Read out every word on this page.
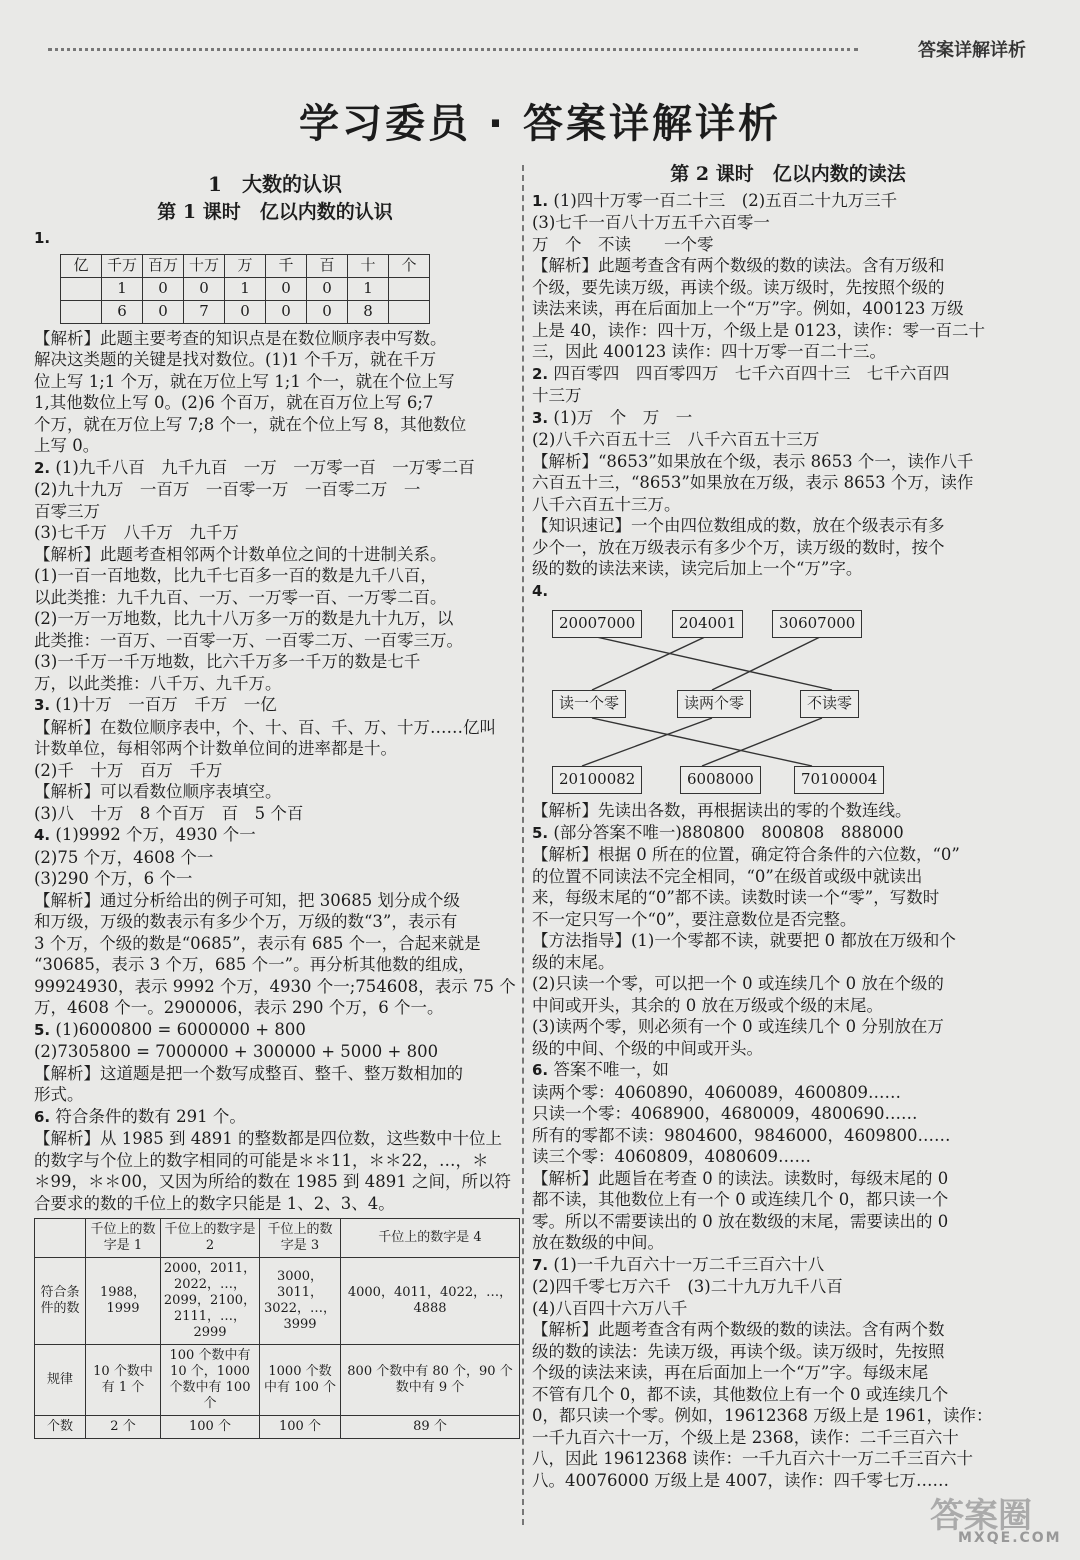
答案详解详析
学习委员 · 答案详解详析
1　大数的认识
第 1 课时　亿以内数的认识
1.
亿	千万	百万	十万	万	千	百	十	个
	1	0	0	1	0	0	1	
	6	0	7	0	0	0	8	
【解析】此题主要考查的知识点是在数位顺序表中写数。
解决这类题的关键是找对数位。(1)1 个千万，就在千万
位上写 1;1 个万，就在万位上写 1;1 个一，就在个位上写
1,其他数位上写 0。(2)6 个百万，就在百万位上写 6;7
个万，就在万位上写 7;8 个一，就在个位上写 8，其他数位
上写 0。
2. (1)九千八百　九千九百　一万　一万零一百　一万零二百
(2)九十九万　一百万　一百零一万　一百零二万　一
百零三万
(3)七千万　八千万　九千万
【解析】此题考查相邻两个计数单位之间的十进制关系。
(1)一百一百地数，比九千七百多一百的数是九千八百，
以此类推：九千九百、一万、一万零一百、一万零二百。
(2)一万一万地数，比九十八万多一万的数是九十九万，以
此类推：一百万、一百零一万、一百零二万、一百零三万。
(3)一千万一千万地数，比六千万多一千万的数是七千
万，以此类推：八千万、九千万。
3. (1)十万　一百万　千万　一亿
【解析】在数位顺序表中，个、十、百、千、万、十万……亿叫
计数单位，每相邻两个计数单位间的进率都是十。
(2)千　十万　百万　千万
【解析】可以看数位顺序表填空。
(3)八　十万　8 个百万　百　5 个百
4. (1)9992 个万，4930 个一
(2)75 个万，4608 个一
(3)290 个万，6 个一
【解析】通过分析给出的例子可知，把 30685 划分成个级
和万级，万级的数表示有多少个万，万级的数“3”，表示有
3 个万，个级的数是“0685”，表示有 685 个一，合起来就是
“30685，表示 3 个万，685 个一”。再分析其他数的组成，
99924930，表示 9992 个万，4930 个一;754608，表示 75 个
万，4608 个一。2900006，表示 290 个万，6 个一。
5. (1)6000800 = 6000000 + 800
(2)7305800 = 7000000 + 300000 + 5000 + 800
【解析】这道题是把一个数写成整百、整千、整万数相加的
形式。
6. 符合条件的数有 291 个。
【解析】从 1985 到 4891 的整数都是四位数，这些数中十位上
的数字与个位上的数字相同的可能是＊＊11，＊＊22，…，＊
＊99，＊＊00，又因为所给的数在 1985 到 4891 之间，所以符
合要求的数的千位上的数字只能是 1、2、3、4。
	千位上的数字是 1	千位上的数字是 2	千位上的数字是 3	千位上的数字是 4
符合条件的数	1988，1999	2000，2011，2022，…，2099，2100，2111，…，2999	3000，3011，3022，…，3999	4000，4011，4022，…，4888
规律	10 个数中有 1 个	100 个数中有 10 个，1000 个数中有 100 个	1000 个数中有 100 个	800 个数中有 80 个，90 个数中有 9 个
个数	2 个	100 个	100 个	89 个
第 2 课时　亿以内数的读法
1. (1)四十万零一百二十三　(2)五百二十九万三千
(3)七千一百八十万五千六百零一
万　个　不读　　一个零
【解析】此题考查含有两个数级的数的读法。含有万级和
个级，要先读万级，再读个级。读万级时，先按照个级的
读法来读，再在后面加上一个“万”字。例如，400123 万级
上是 40，读作：四十万，个级上是 0123，读作：零一百二十
三，因此 400123 读作：四十万零一百二十三。
2. 四百零四　四百零四万　七千六百四十三　七千六百四
十三万
3. (1)万　个　万　一
(2)八千六百五十三　八千六百五十三万
【解析】“8653”如果放在个级，表示 8653 个一，读作八千
六百五十三，“8653”如果放在万级，表示 8653 个万，读作
八千六百五十三万。
【知识速记】一个由四位数组成的数，放在个级表示有多
少个一，放在万级表示有多少个万，读万级的数时，按个
级的数的读法来读，读完后加上一个“万”字。
4.
20007000	204001	30607000
读一个零	读两个零	不读零
20100082	6008000	70100004
【解析】先读出各数，再根据读出的零的个数连线。
5. (部分答案不唯一)880800　800808　888000
【解析】根据 0 所在的位置，确定符合条件的六位数，“0”
的位置不同读法不完全相同，“0”在级首或级中就读出
来，每级末尾的“0”都不读。读数时读一个“零”，写数时
不一定只写一个“0”，要注意数位是否完整。
【方法指导】(1)一个零都不读，就要把 0 都放在万级和个
级的末尾。
(2)只读一个零，可以把一个 0 或连续几个 0 放在个级的
中间或开头，其余的 0 放在万级或个级的末尾。
(3)读两个零，则必须有一个 0 或连续几个 0 分别放在万
级的中间、个级的中间或开头。
6. 答案不唯一，如
读两个零：4060890，4060089，4600809……
只读一个零：4068900，4680009，4800690……
所有的零都不读：9804600，9846000，4609800……
读三个零：4060809，4080609……
【解析】此题旨在考查 0 的读法。读数时，每级末尾的 0
都不读，其他数位上有一个 0 或连续几个 0，都只读一个
零。所以不需要读出的 0 放在数级的末尾，需要读出的 0
放在数级的中间。
7. (1)一千九百六十一万二千三百六十八
(2)四千零七万六千　(3)二十九万九千八百
(4)八百四十六万八千
【解析】此题考查含有两个数级的数的读法。含有两个数
级的数的读法：先读万级，再读个级。读万级时，先按照
个级的读法来读，再在后面加上一个“万”字。每级末尾
不管有几个 0，都不读，其他数位上有一个 0 或连续几个
0，都只读一个零。例如，19612368 万级上是 1961，读作：
一千九百六十一万，个级上是 2368，读作：二千三百六十
八，因此 19612368 读作：一千九百六十一万二千三百六十
八。40076000 万级上是 4007，读作：四千零七万……
答案圈
MXQE.COM
